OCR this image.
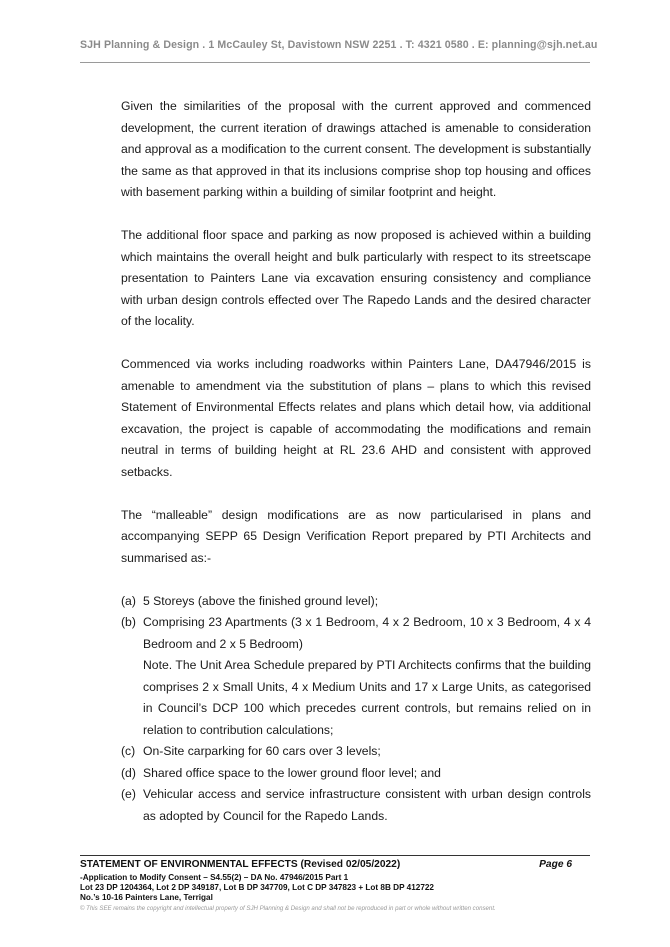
SJH Planning & Design . 1 McCauley St, Davistown NSW 2251 . T: 4321 0580 . E: planning@sjh.net.au

Given the similarities of the proposal with the current approved and commenced development, the current iteration of drawings attached is amenable to consideration and approval as a modification to the current consent. The development is substantially the same as that approved in that its inclusions comprise shop top housing and offices with basement parking within a building of similar footprint and height.

The additional floor space and parking as now proposed is achieved within a building which maintains the overall height and bulk particularly with respect to its streetscape presentation to Painters Lane via excavation ensuring consistency and compliance with urban design controls effected over The Rapedo Lands and the desired character of the locality.

Commenced via works including roadworks within Painters Lane, DA47946/2015 is amenable to amendment via the substitution of plans – plans to which this revised Statement of Environmental Effects relates and plans which detail how, via additional excavation, the project is capable of accommodating the modifications and remain neutral in terms of building height at RL 23.6 AHD and consistent with approved setbacks.

The “malleable” design modifications are as now particularised in plans and accompanying SEPP 65 Design Verification Report prepared by PTI Architects and summarised as:-

(a) 5 Storeys (above the finished ground level);
(b) Comprising 23 Apartments (3 x 1 Bedroom, 4 x 2 Bedroom, 10 x 3 Bedroom, 4 x 4 Bedroom and 2 x 5 Bedroom)
Note. The Unit Area Schedule prepared by PTI Architects confirms that the building comprises 2 x Small Units, 4 x Medium Units and 17 x Large Units, as categorised in Council’s DCP 100 which precedes current controls, but remains relied on in relation to contribution calculations;
(c) On-Site carparking for 60 cars over 3 levels;
(d) Shared office space to the lower ground floor level; and
(e) Vehicular access and service infrastructure consistent with urban design controls as adopted by Council for the Rapedo Lands.
STATEMENT OF ENVIRONMENTAL EFFECTS (Revised 02/05/2022)	Page 6
-Application to Modify Consent – S4.55(2) – DA No. 47946/2015 Part 1
Lot 23 DP 1204364, Lot 2 DP 349187, Lot B DP 347709, Lot C DP 347823 + Lot 8B DP 412722
No.’s 10-16 Painters Lane, Terrigal
© This SEE remains the copyright and intellectual property of SJH Planning & Design and shall not be reproduced in part or whole without written consent.
